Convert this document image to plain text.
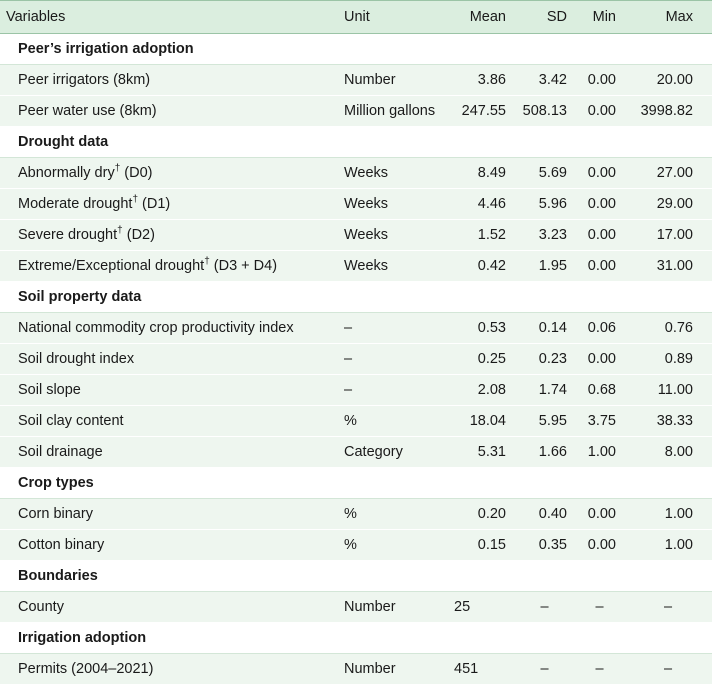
Variables	Unit	Mean	SD	Min	Max
Peer’s irrigation adoption					
Peer irrigators (8km)	Number	3.86	3.42	0.00	20.00
Peer water use (8km)	Million gallons	247.55	508.13	0.00	3998.82
Drought data					
Abnormally dry† (D0)	Weeks	8.49	5.69	0.00	27.00
Moderate drought† (D1)	Weeks	4.46	5.96	0.00	29.00
Severe drought† (D2)	Weeks	1.52	3.23	0.00	17.00
Extreme/Exceptional drought† (D3 + D4)	Weeks	0.42	1.95	0.00	31.00
Soil property data					
National commodity crop productivity index	–	0.53	0.14	0.06	0.76
Soil drought index	–	0.25	0.23	0.00	0.89
Soil slope	–	2.08	1.74	0.68	11.00
Soil clay content	%	18.04	5.95	3.75	38.33
Soil drainage	Category	5.31	1.66	1.00	8.00
Crop types					
Corn binary	%	0.20	0.40	0.00	1.00
Cotton binary	%	0.15	0.35	0.00	1.00
Boundaries					
County	Number	25	–	–	–
Irrigation adoption					
Permits (2004–2021)	Number	451	–	–	–
